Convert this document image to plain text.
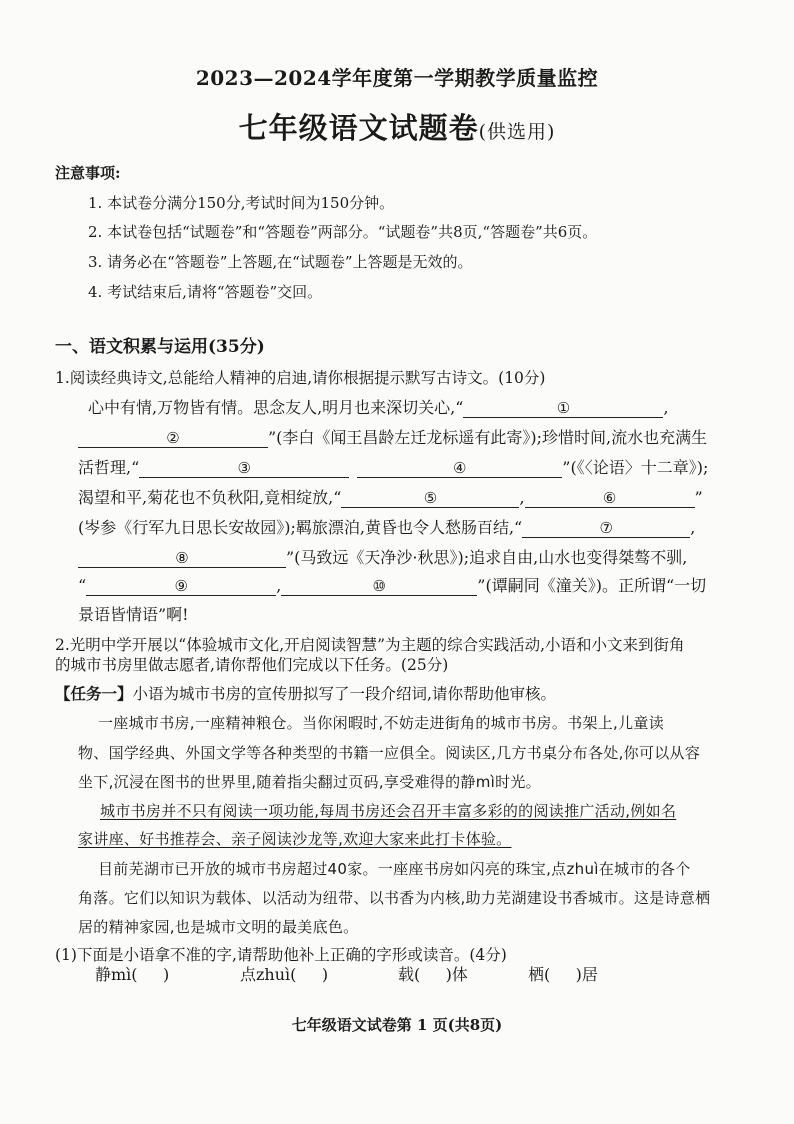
2023—2024学年度第一学期教学质量监控
七年级语文试题卷(供选用)
注意事项:
1. 本试卷分满分150分,考试时间为150分钟。
2. 本试卷包括“试题卷”和“答题卷”两部分。“试题卷”共8页,“答题卷”共6页。
3. 请务必在“答题卷”上答题,在“试题卷”上答题是无效的。
4. 考试结束后,请将“答题卷”交回。
一、语文积累与运用(35分)
1.阅读经典诗文,总能给人精神的启迪,请你根据提示默写古诗文。(10分)
心中有情,万物皆有情。思念友人,明月也来深切关心,“	①	,
②	”(李白《闻王昌龄左迁龙标遥有此寄》);珍惜时间,流水也充满生
活哲理,“	③	④	”(《〈论语〉十二章》);
渴望和平,菊花也不负秋阳,竟相绽放,“	⑤	,	⑥	”
(岑参《行军九日思长安故园》);羁旅漂泊,黄昏也令人愁肠百结,“	⑦	,
⑧	”(马致远《天净沙·秋思》);追求自由,山水也变得桀骜不驯,
“	⑨	,	⑩	”(谭嗣同《潼关》)。正所谓“一切
景语皆情语”啊!
2.光明中学开展以“体验城市文化,开启阅读智慧”为主题的综合实践活动,小语和小文来到街角
的城市书房里做志愿者,请你帮他们完成以下任务。(25分)
【任务一】小语为城市书房的宣传册拟写了一段介绍词,请你帮助他审核。
一座城市书房,一座精神粮仓。当你闲暇时,不妨走进街角的城市书房。书架上,儿童读
物、国学经典、外国文学等各种类型的书籍一应俱全。阅读区,几方书桌分布各处,你可以从容
坐下,沉浸在图书的世界里,随着指尖翻过页码,享受难得的静mì时光。
城市书房并不只有阅读一项功能,每周书房还会召开丰富多彩的的阅读推广活动,例如名
家讲座、好书推荐会、亲子阅读沙龙等,欢迎大家来此打卡体验。
目前芜湖市已开放的城市书房超过40家。一座座书房如闪亮的珠宝,点zhuì在城市的各个
角落。它们以知识为载体、以活动为纽带、以书香为内核,助力芜湖建设书香城市。这是诗意栖
居的精神家园,也是城市文明的最美底色。
(1)下面是小语拿不准的字,请帮助他补上正确的字形或读音。(4分)
静mì(     )	点zhuì(     )	载(     )体	栖(     )居
七年级语文试卷第 1 页(共8页)
